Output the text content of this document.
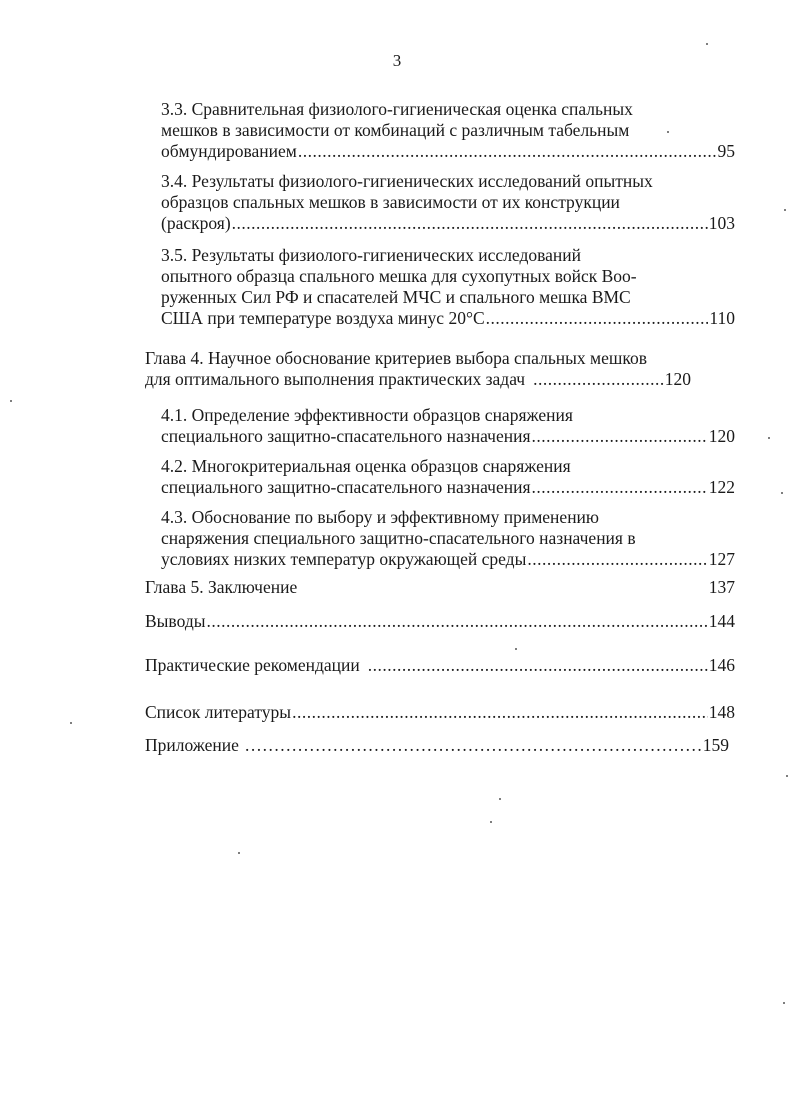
3
3.3. Сравнительная физиолого-гигиеническая оценка спальных
мешков в зависимости от комбинаций с различным табельным
обмундированием .....	95
3.4. Результаты физиолого-гигиенических исследований опытных
образцов спальных мешков в зависимости от их конструкции
(раскроя) .....	103
3.5. Результаты физиолого-гигиенических исследований
опытного образца спального мешка для сухопутных войск Воо-
руженных Сил РФ и спасателей МЧС и спального мешка ВМС
США при температуре воздуха минус 20°С .....	110
Глава 4. Научное обоснование критериев выбора спальных мешков
для оптимального выполнения практических задач .....	120
4.1. Определение эффективности образцов снаряжения
специального защитно-спасательного назначения .....	120
4.2. Многокритериальная оценка образцов снаряжения
специального защитно-спасательного назначения .....	122
4.3. Обоснование по выбору и эффективному применению
снаряжения специального защитно-спасательного назначения в
условиях низких температур окружающей среды .....	127
Глава 5. Заключение	137
Выводы .....	144
Практические рекомендации .....	146
Список литературы .....	148
Приложение .....	159
